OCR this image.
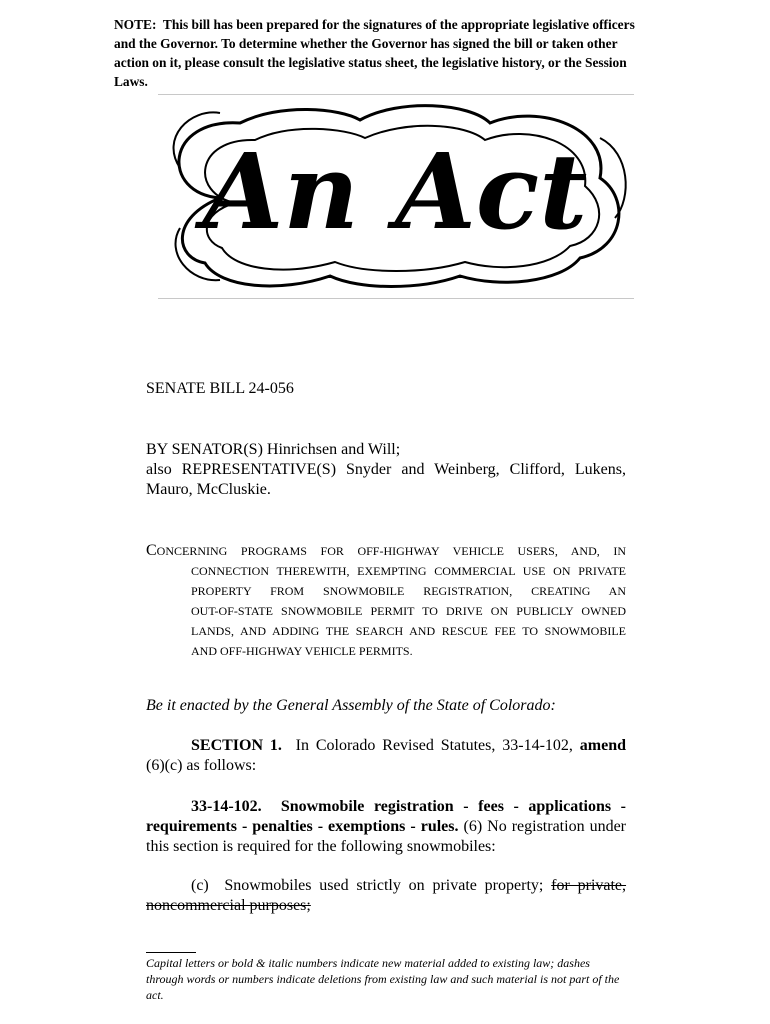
NOTE: This bill has been prepared for the signatures of the appropriate legislative officers and the Governor. To determine whether the Governor has signed the bill or taken other action on it, please consult the legislative status sheet, the legislative history, or the Session Laws.

An Act
SENATE BILL 24-056

BY SENATOR(S) Hinrichsen and Will;

also REPRESENTATIVE(S) Snyder and Weinberg, Clifford, Lukens,

Mauro, McCluskie.

CONCERNING PROGRAMS FOR OFF-HIGHWAY VEHICLE USERS, AND, IN
CONNECTION THEREWITH, EXEMPTING COMMERCIAL USE ON PRIVATE
PROPERTY FROM SNOWMOBILE REGISTRATION, CREATING AN
OUT-OF-STATE SNOWMOBILE PERMIT TO DRIVE ON PUBLICLY OWNED
LANDS, AND ADDING THE SEARCH AND RESCUE FEE TO SNOWMOBILE
AND OFF-HIGHWAY VEHICLE PERMITS.
Be it enacted by the General Assembly of the State of Colorado:

SECTION 1. In Colorado Revised Statutes, 33-14-102, amend

(6)(c) as follows:

33-14-102. Snowmobile registration - fees - applications -

requirements - penalties - exemptions - rules. (6) No registration under

this section is required for the following snowmobiles:

(c) Snowmobiles used strictly on private property; for private,

noncommercial purposes;

Capital letters or bold & italic numbers indicate new material added to existing law; dashes through words or numbers indicate deletions from existing law and such material is not part of the act.
